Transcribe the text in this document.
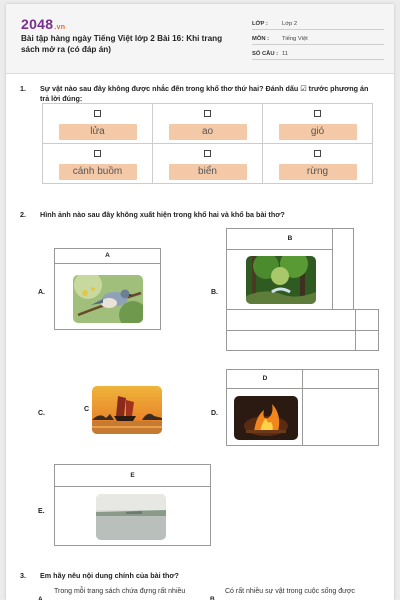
2048.vn
Bài tập hàng ngày Tiếng Việt lớp 2 Bài 16: Khi trang sách mở ra (có đáp án)
LỚP :	Lớp 2
MÔN :	Tiếng Việt
SỐ CÂU : 11
1.	Sự vật nào sau đây không được nhắc đến trong khổ thơ thứ hai? Đánh dấu ☑ trước phương án trả lời đúng:
lửa	ao	gió

cánh buồm	biển	rừng
2.	Hình ảnh nào sau đây không xuất hiện trong khổ hai và khổ ba bài thơ?
A.
A
B.
B
C.
C
D.
D
E.
E
3.	Em hãy nêu nội dung chính của bài thơ?
A.
Trong mỗi trang sách chứa đựng rất nhiều
B.
Có rất nhiều sự vật trong cuộc sống được
